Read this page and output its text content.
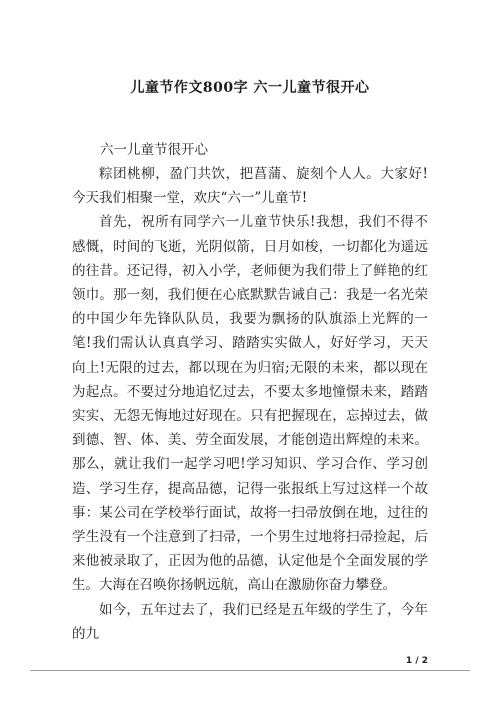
儿童节作文800字 六一儿童节很开心
六一儿童节很开心

粽团桃柳，盈门共饮，把菖蒲、旋刻个人人。大家好!今天我们相聚一堂，欢庆“六一”儿童节!

首先，祝所有同学六一儿童节快乐!我想，我们不得不感慨，时间的飞逝，光阴似箭，日月如梭，一切都化为遥远的往昔。还记得，初入小学，老师便为我们带上了鲜艳的红领巾。那一刻，我们便在心底默默告诫自己：我是一名光荣的中国少年先锋队队员，我要为飘扬的队旗添上光辉的一笔!我们需认认真真学习、踏踏实实做人，好好学习，天天向上!无限的过去，都以现在为归宿;无限的未来，都以现在为起点。不要过分地追忆过去，不要太多地憧憬未来，踏踏实实、无怨无悔地过好现在。只有把握现在，忘掉过去，做到德、智、体、美、劳全面发展，才能创造出辉煌的未来。那么，就让我们一起学习吧!学习知识、学习合作、学习创造、学习生存，提高品德，记得一张报纸上写过这样一个故事：某公司在学校举行面试，故将一扫帚放倒在地，过往的学生没有一个注意到了扫帚，一个男生过地将扫帚捡起，后来他被录取了，正因为他的品德，认定他是个全面发展的学生。大海在召唤你扬帆远航，高山在激励你奋力攀登。

如今，五年过去了，我们已经是五年级的学生了，今年的九

1 / 2
